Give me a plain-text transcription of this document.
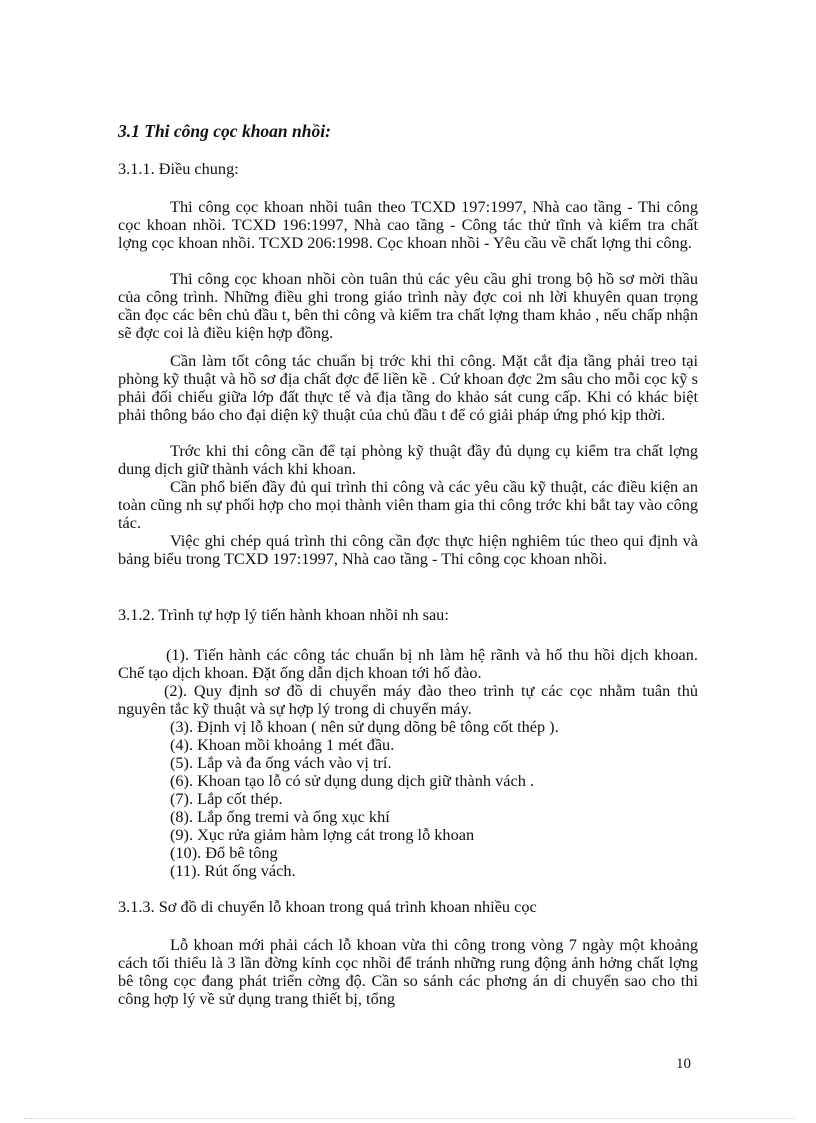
3.1 Thi công cọc khoan nhồi:
3.1.1. Điều chung:
Thi công cọc khoan nhồi tuân theo TCXD 197:1997, Nhà cao tầng - Thi công cọc khoan nhồi. TCXD 196:1997, Nhà cao tầng - Công tác thử tĩnh và kiểm tra chất lợng cọc khoan nhồi. TCXD 206:1998. Cọc khoan nhồi - Yêu cầu về chất lợng thi công.
Thi công cọc khoan nhồi còn tuân thủ các yêu cầu ghi trong bộ hồ sơ mời thầu của công trình. Những điều ghi trong giáo trình này đợc coi nh lời khuyên quan trọng cần đọc các bên chủ đầu t, bên thi công và kiểm tra chất lợng tham khảo , nếu chấp nhận sẽ đợc coi là điều kiện hợp đồng.
Cần làm tốt công tác chuẩn bị trớc khi thi công. Mặt cắt địa tầng phải treo tại phòng kỹ thuật và hồ sơ địa chất đợc để liền kề . Cứ khoan đợc 2m sâu cho mỗi cọc kỹ s phải đối chiếu giữa lớp đất thực tế và địa tầng do khảo sát cung cấp. Khi có khác biệt phải thông báo cho đại diện kỹ thuật của chủ đầu t để có giải pháp ứng phó kịp thời.
Trớc khi thi công cần để tại phòng kỹ thuật đầy đủ dụng cụ kiểm tra chất lợng dung dịch giữ thành vách khi khoan.
Cần phổ biến đầy đủ qui trình thi công và các yêu cầu kỹ thuật, các điều kiện an toàn cũng nh sự phối hợp cho mọi thành viên tham gia thi công trớc khi bắt tay vào công tác.
Việc ghi chép quá trình thi công cần đợc thực hiện nghiêm túc theo qui định và bảng biểu trong TCXD 197:1997, Nhà cao tầng - Thi công cọc khoan nhồi.
3.1.2. Trình tự hợp lý tiến hành khoan nhồi nh sau:
(1). Tiến hành các công tác chuẩn bị nh làm hệ rãnh và hố thu hồi dịch khoan. Chế tạo dịch khoan. Đặt ống dẫn dịch khoan tới hố đào.
(2). Quy định sơ đồ di chuyển máy đào theo trình tự các cọc nhằm tuân thủ nguyên tắc kỹ thuật và sự hợp lý trong di chuyển máy.
(3). Định vị lỗ khoan ( nên sử dụng dõng bê tông cốt thép ).
(4). Khoan mồi khoảng 1 mét đầu.
(5). Lắp và đa ống vách vào vị trí.
(6). Khoan tạo lỗ có sử dụng dung dịch giữ thành vách .
(7). Lắp cốt thép.
(8). Lắp ống tremi và ống xục khí
(9). Xục rửa giảm hàm lợng cát trong lỗ khoan
(10). Đổ bê tông
(11). Rút ống vách.
3.1.3. Sơ đồ di chuyển lỗ khoan trong quá trình khoan nhiều cọc
Lỗ khoan mới phải cách lỗ khoan vừa thi công trong vòng 7 ngày một khoảng cách tối thiểu là 3 lần đờng kính cọc nhồi để tránh những rung động ảnh hởng chất lợng bê tông cọc đang phát triển cờng độ. Cần so sánh các phơng án di chuyển sao cho thi công hợp lý về sử dụng trang thiết bị, tổng
10
